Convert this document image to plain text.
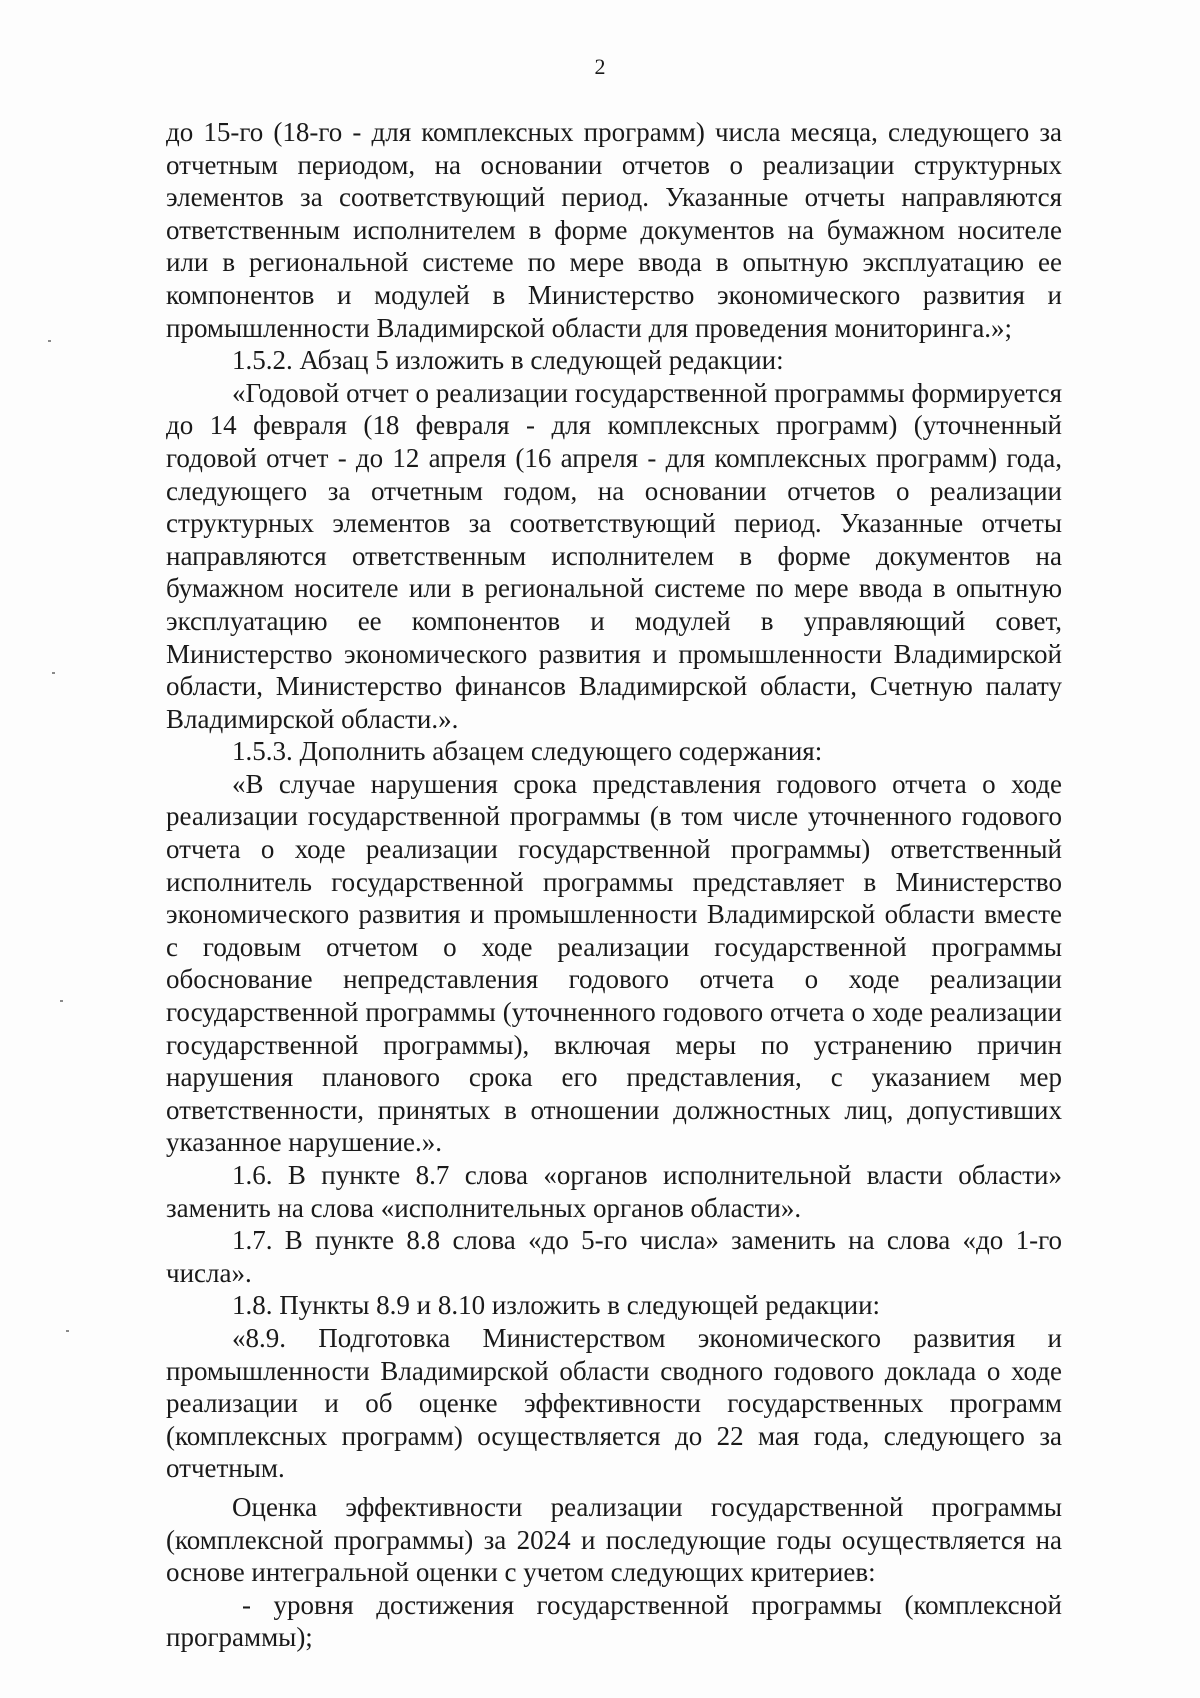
2

до 15-го (18-го - для комплексных программ) числа месяца, следующего за отчетным периодом, на основании отчетов о реализации структурных элементов за соответствующий период. Указанные отчеты направляются ответственным исполнителем в форме документов на бумажном носителе или в региональной системе по мере ввода в опытную эксплуатацию ее компонентов и модулей в Министерство экономического развития и промышленности Владимирской области для проведения мониторинга.»;

1.5.2. Абзац 5 изложить в следующей редакции:

«Годовой отчет о реализации государственной программы формируется до 14 февраля (18 февраля - для комплексных программ) (уточненный годовой отчет - до 12 апреля (16 апреля - для комплексных программ) года, следующего за отчетным годом, на основании отчетов о реализации структурных элементов за соответствующий период. Указанные отчеты направляются ответственным исполнителем в форме документов на бумажном носителе или в региональной системе по мере ввода в опытную эксплуатацию ее компонентов и модулей в управляющий совет, Министерство экономического развития и промышленности Владимирской области, Министерство финансов Владимирской области, Счетную палату Владимирской области.».

1.5.3. Дополнить абзацем следующего содержания:

«В случае нарушения срока представления годового отчета о ходе реализации государственной программы (в том числе уточненного годового отчета о ходе реализации государственной программы) ответственный исполнитель государственной программы представляет в Министерство экономического развития и промышленности Владимирской области вместе с годовым отчетом о ходе реализации государственной программы обоснование непредставления годового отчета о ходе реализации государственной программы (уточненного годового отчета о ходе реализации государственной программы), включая меры по устранению причин нарушения планового срока его представления, с указанием мер ответственности, принятых в отношении должностных лиц, допустивших указанное нарушение.».

1.6. В пункте 8.7 слова «органов исполнительной власти области» заменить на слова «исполнительных органов области».

1.7. В пункте 8.8 слова «до 5-го числа» заменить на слова «до 1-го числа».

1.8. Пункты 8.9 и 8.10 изложить в следующей редакции:

«8.9. Подготовка Министерством экономического развития и промышленности Владимирской области сводного годового доклада о ходе реализации и об оценке эффективности государственных программ (комплексных программ) осуществляется до 22 мая года, следующего за отчетным.

Оценка эффективности реализации государственной программы (комплексной программы) за 2024 и последующие годы осуществляется на основе интегральной оценки с учетом следующих критериев:

- уровня достижения государственной программы (комплексной программы);
